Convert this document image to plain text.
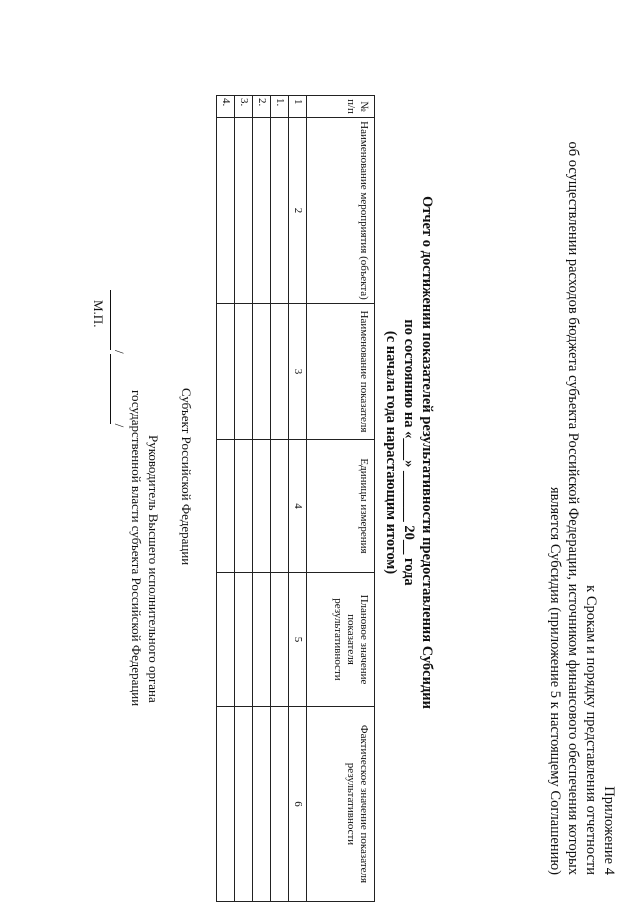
Приложение 4
к Срокам и порядку представления отчетности
об осуществлении расходов бюджета субъекта Российской Федерации, источником финансового обеспечения которых
является Субсидия (приложение 5 к настоящему Соглашению)
Отчет о достижении показателей результативности предоставления Субсидии
по состоянию на «___» _______ 20__ года
(с начала года нарастающим итогом)
№ п/п	Наименование мероприятия (объекта)	Наименование показателя	Единицы измерения	Плановое значение показателя результативности	Фактическое значение показателя результативности
1	2	3	4	5	6
1.					
2.					
3.					
4.					
Субъект Российской Федерации
Руководитель Высшего исполнительного органа
государственной власти субъекта Российской Федерации
/ /
М.П.
